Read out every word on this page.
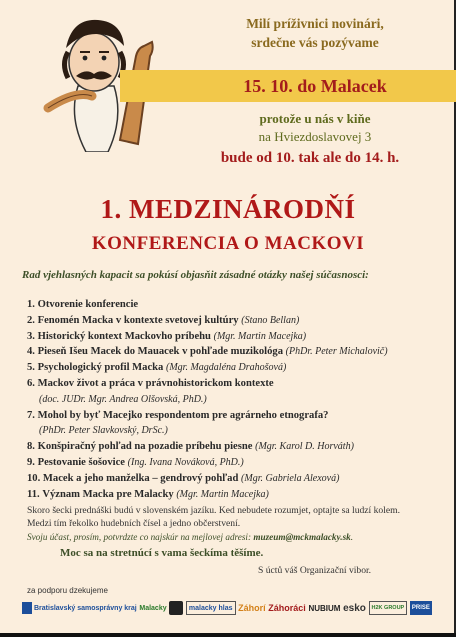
Milí príživnici novinári,
srdečne vás pozývame
15. 10. do Malacek
protože u nás v kiňe
na Hviezdoslavovej 3
bude od 10. tak ale do 14. h.
1. MEDZINÁRODŇÍ
KONFERENCIA O MACKOVI
Rad vjehlasných kapacit sa pokúsí objasňit zásadné otázky našej súčasnosci:
1. Otvorenie konferencie
2. Fenomén Macka v kontexte svetovej kultúry (Stano Bellan)
3. Historický kontext Mackovho príbehu (Mgr. Martin Macejka)
4. Pieseň Išeu Macek do Mauacek v pohľade muzikológa (PhDr. Peter Michalovič)
5. Psychologický profil Macka (Mgr. Magdaléna Drahošová)
6. Mackov život a práca v právnohistorickom kontexte
(doc. JUDr. Mgr. Andrea Olšovská, PhD.)
7. Mohol by byť Macejko respondentom pre agrárneho etnografa?
(PhDr. Peter Slavkovský, DrSc.)
8. Konšpiračný pohľad na pozadie príbehu piesne (Mgr. Karol D. Horváth)
9. Pestovanie šošovice (Ing. Ivana Nováková, PhD.)
10. Macek a jeho manželka – gendrový pohľad (Mgr. Gabriela Alexová)
11. Význam Macka pre Malacky (Mgr. Martin Macejka)
Skoro šecki prednáški budú v slovenském jazíku. Ked nebudete rozumjet, optajte sa ludzí kolem.
Medzi tím řekolko hudebních čísel a jedno občerstvení.
Svoju účast, prosím, potvrdzte co najskúr na mejlovej adresi: muzeum@mckmalacky.sk.
Moc sa na stretnúcí s vama šeckíma těšíme.
S úctů váš Organizační vibor.
za podporu dzekujeme
Bratislavský samosprávny kraj Malacky	malacky hlas Záhorí Záhoráci NUBIUM esko	H2K GROUP	PRISE
